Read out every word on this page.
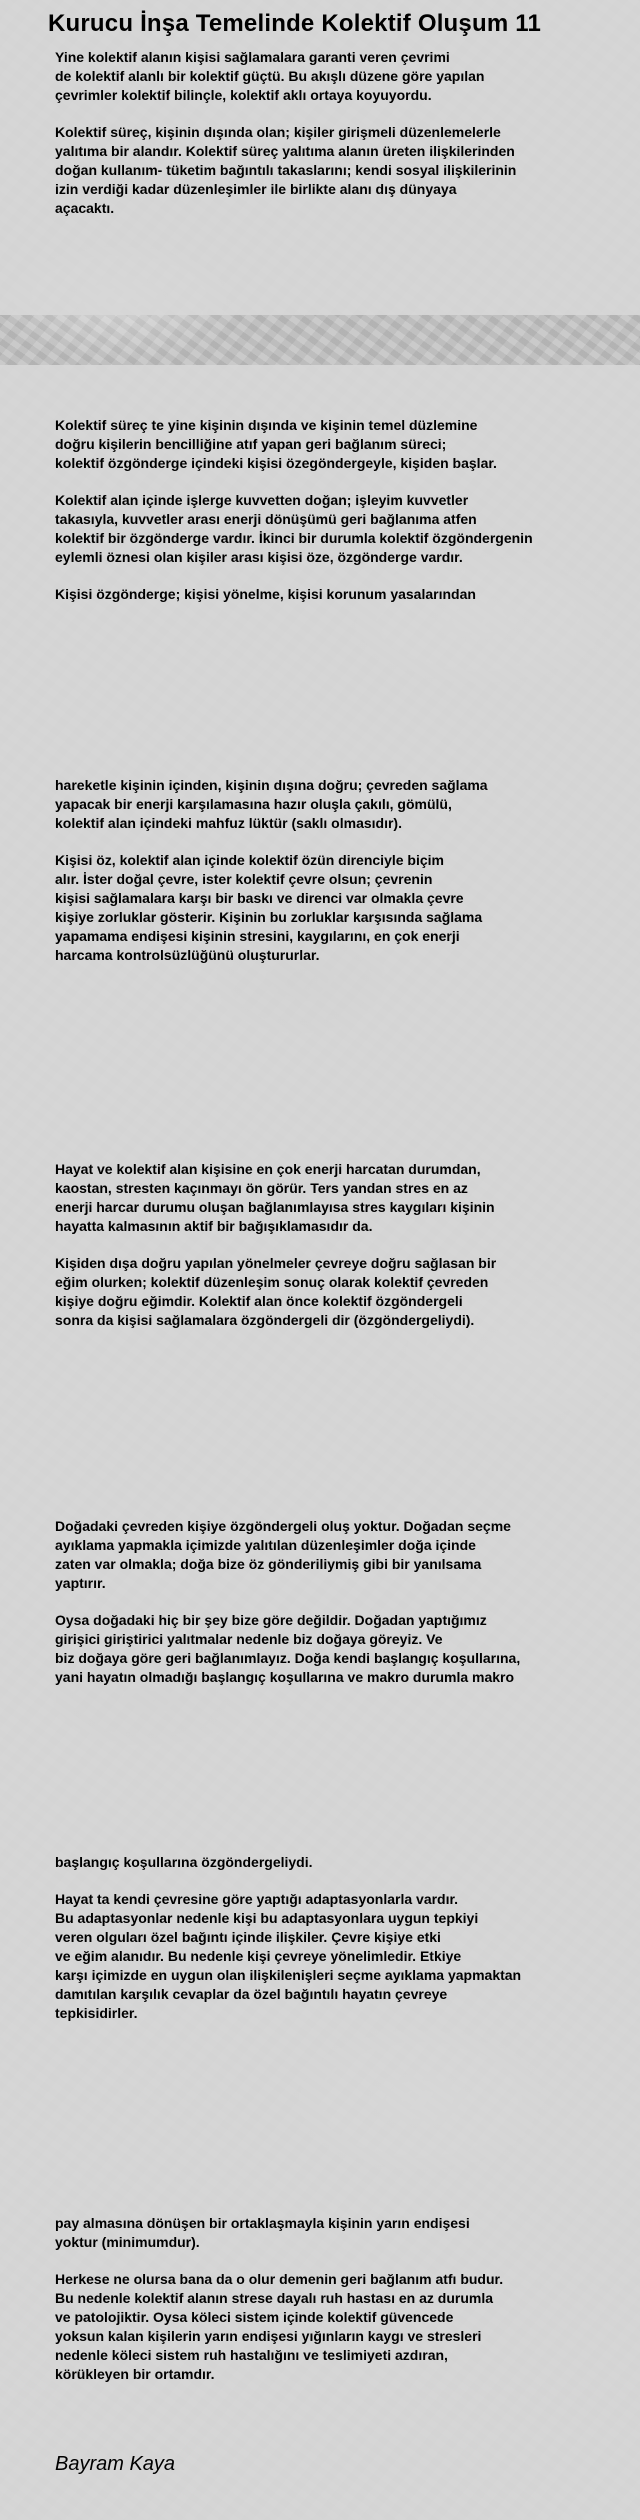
Kurucu İnşa Temelinde Kolektif Oluşum 11
Yine kolektif alanın kişisi sağlamalara garanti veren çevrimi
de kolektif alanlı bir kolektif güçtü. Bu akışlı düzene göre yapılan
çevrimler kolektif bilinçle, kolektif aklı ortaya koyuyordu.
Kolektif süreç, kişinin dışında olan; kişiler girişmeli düzenlemelerle
yalıtıma bir alandır. Kolektif süreç yalıtıma alanın üreten ilişkilerinden
doğan kullanım- tüketim bağıntılı takaslarını; kendi sosyal ilişkilerinin
izin verdiği kadar düzenleşimler ile birlikte alanı dış dünyaya
açacaktı.
Kolektif süreç te yine kişinin dışında ve kişinin temel düzlemine
doğru kişilerin bencilliğine atıf yapan geri bağlanım süreci;
kolektif özgönderge içindeki kişisi özegöndergeyle, kişiden başlar.
Kolektif alan içinde işlerge kuvvetten doğan; işleyim kuvvetler
takasıyla, kuvvetler arası enerji dönüşümü geri bağlanıma atfen
kolektif bir özgönderge vardır. İkinci bir durumla kolektif özgöndergenin
eylemli öznesi olan kişiler arası kişisi öze, özgönderge vardır.
Kişisi özgönderge; kişisi yönelme, kişisi korunum yasalarından
hareketle kişinin içinden, kişinin dışına doğru; çevreden sağlama
yapacak bir enerji karşılamasına hazır oluşla çakılı, gömülü,
kolektif alan içindeki mahfuz lüktür (saklı olmasıdır).
Kişisi öz, kolektif alan içinde kolektif özün direnciyle biçim
alır. İster doğal çevre, ister kolektif çevre olsun; çevrenin
kişisi sağlamalara karşı bir baskı ve direnci var olmakla çevre
kişiye zorluklar gösterir. Kişinin bu zorluklar karşısında sağlama
yapamama endişesi kişinin stresini, kaygılarını, en çok enerji
harcama kontrolsüzlüğünü oluştururlar.
Hayat ve kolektif alan kişisine en çok enerji harcatan durumdan,
kaostan, stresten kaçınmayı ön görür. Ters yandan stres en az
enerji harcar durumu oluşan bağlanımlayısa stres kaygıları kişinin
hayatta kalmasının aktif bir bağışıklamasıdır da.
Kişiden dışa doğru yapılan yönelmeler çevreye doğru sağlasan bir
eğim olurken; kolektif düzenleşim sonuç olarak kolektif çevreden
kişiye doğru eğimdir. Kolektif alan önce kolektif özgöndergeli
sonra da kişisi sağlamalara özgöndergeli dir (özgöndergeliydi).
Doğadaki çevreden kişiye özgöndergeli oluş yoktur. Doğadan seçme
ayıklama yapmakla içimizde yalıtılan düzenleşimler doğa içinde
zaten var olmakla; doğa bize öz gönderiliymiş gibi bir yanılsama
yaptırır.
Oysa doğadaki hiç bir şey bize göre değildir. Doğadan yaptığımız
girişici giriştirici yalıtmalar nedenle biz doğaya göreyiz. Ve
biz doğaya göre geri bağlanımlayız. Doğa kendi başlangıç koşullarına,
yani hayatın olmadığı başlangıç koşullarına ve makro durumla makro
başlangıç koşullarına özgöndergeliydi.
Hayat ta kendi çevresine göre yaptığı adaptasyonlarla vardır.
Bu adaptasyonlar nedenle kişi bu adaptasyonlara uygun tepkiyi
veren olguları özel bağıntı içinde ilişkiler. Çevre kişiye etki
ve eğim alanıdır. Bu nedenle kişi çevreye yönelimledir. Etkiye
karşı içimizde en uygun olan ilişkilenişleri seçme ayıklama yapmaktan
damıtılan karşılık cevaplar da özel bağıntılı hayatın çevreye
tepkisidirler.
pay almasına dönüşen bir ortaklaşmayla kişinin yarın endişesi
yoktur (minimumdur).
Herkese ne olursa bana da o olur demenin geri bağlanım atfı budur.
Bu nedenle kolektif alanın strese dayalı ruh hastası en az durumla
ve patolojiktir. Oysa köleci sistem içinde kolektif güvencede
yoksun kalan kişilerin yarın endişesi yığınların kaygı ve stresleri
nedenle köleci sistem ruh hastalığını ve teslimiyeti azdıran,
körükleyen bir ortamdır.
Bayram Kaya
